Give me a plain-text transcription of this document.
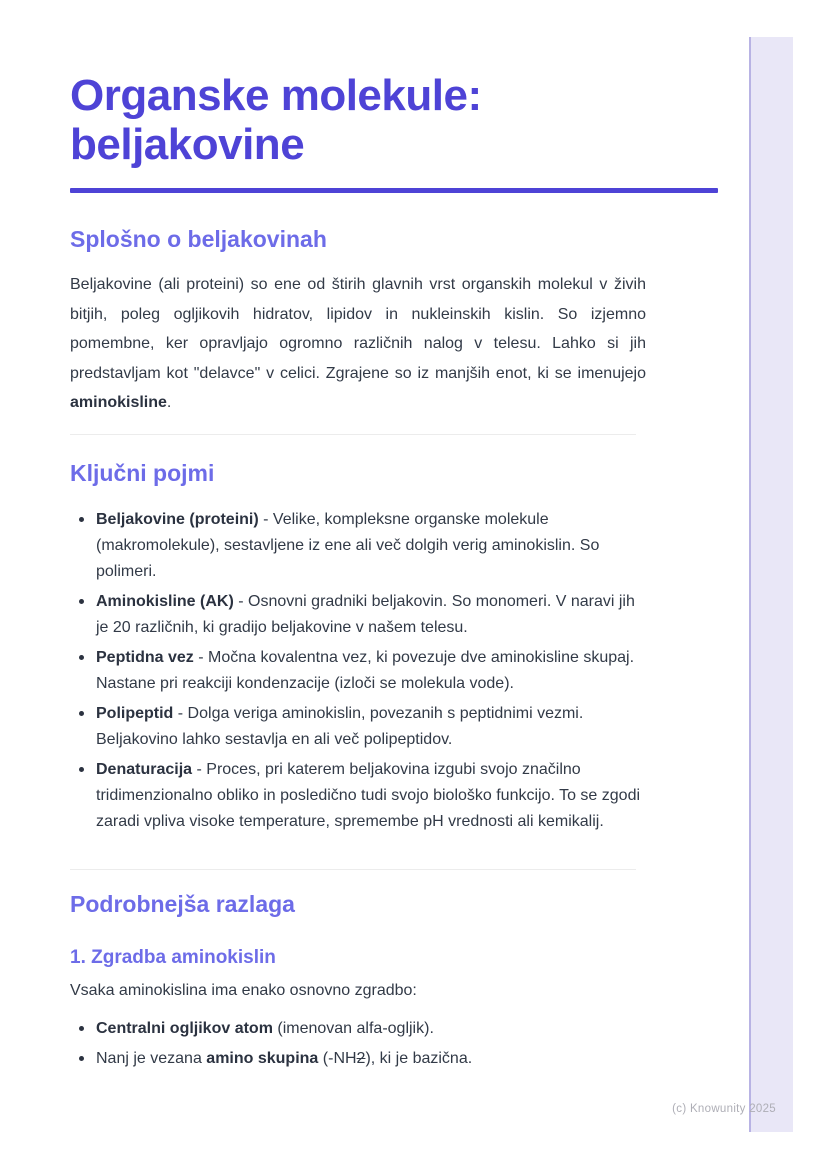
Organske molekule:
beljakovine
Splošno o beljakovinah

Beljakovine (ali proteini) so ene od štirih glavnih vrst organskih molekul v živih bitjih, poleg ogljikovih hidratov, lipidov in nukleinskih kislin. So izjemno pomembne, ker opravljajo ogromno različnih nalog v telesu. Lahko si jih predstavljam kot "delavce" v celici. Zgrajene so iz manjših enot, ki se imenujejo aminokisline.

Ključni pojmi
Beljakovine (proteini) - Velike, kompleksne organske molekule (makromolekule), sestavljene iz ene ali več dolgih verig aminokislin. So polimeri.
Aminokisline (AK) - Osnovni gradniki beljakovin. So monomeri. V naravi jih je 20 različnih, ki gradijo beljakovine v našem telesu.
Peptidna vez - Močna kovalentna vez, ki povezuje dve aminokisline skupaj. Nastane pri reakciji kondenzacije (izloči se molekula vode).
Polipeptid - Dolga veriga aminokislin, povezanih s peptidnimi vezmi. Beljakovino lahko sestavlja en ali več polipeptidov.
Denaturacija - Proces, pri katerem beljakovina izgubi svojo značilno tridimenzionalno obliko in posledično tudi svojo biološko funkcijo. To se zgodi zaradi vpliva visoke temperature, spremembe pH vrednosti ali kemikalij.
Podrobnejša razlaga
1. Zgradba aminokislin

Vsaka aminokislina ima enako osnovno zgradbo:

Centralni ogljikov atom (imenovan alfa-ogljik).
Nanj je vezana amino skupina (-NH2), ki je bazična.
(c) Knowunity 2025
